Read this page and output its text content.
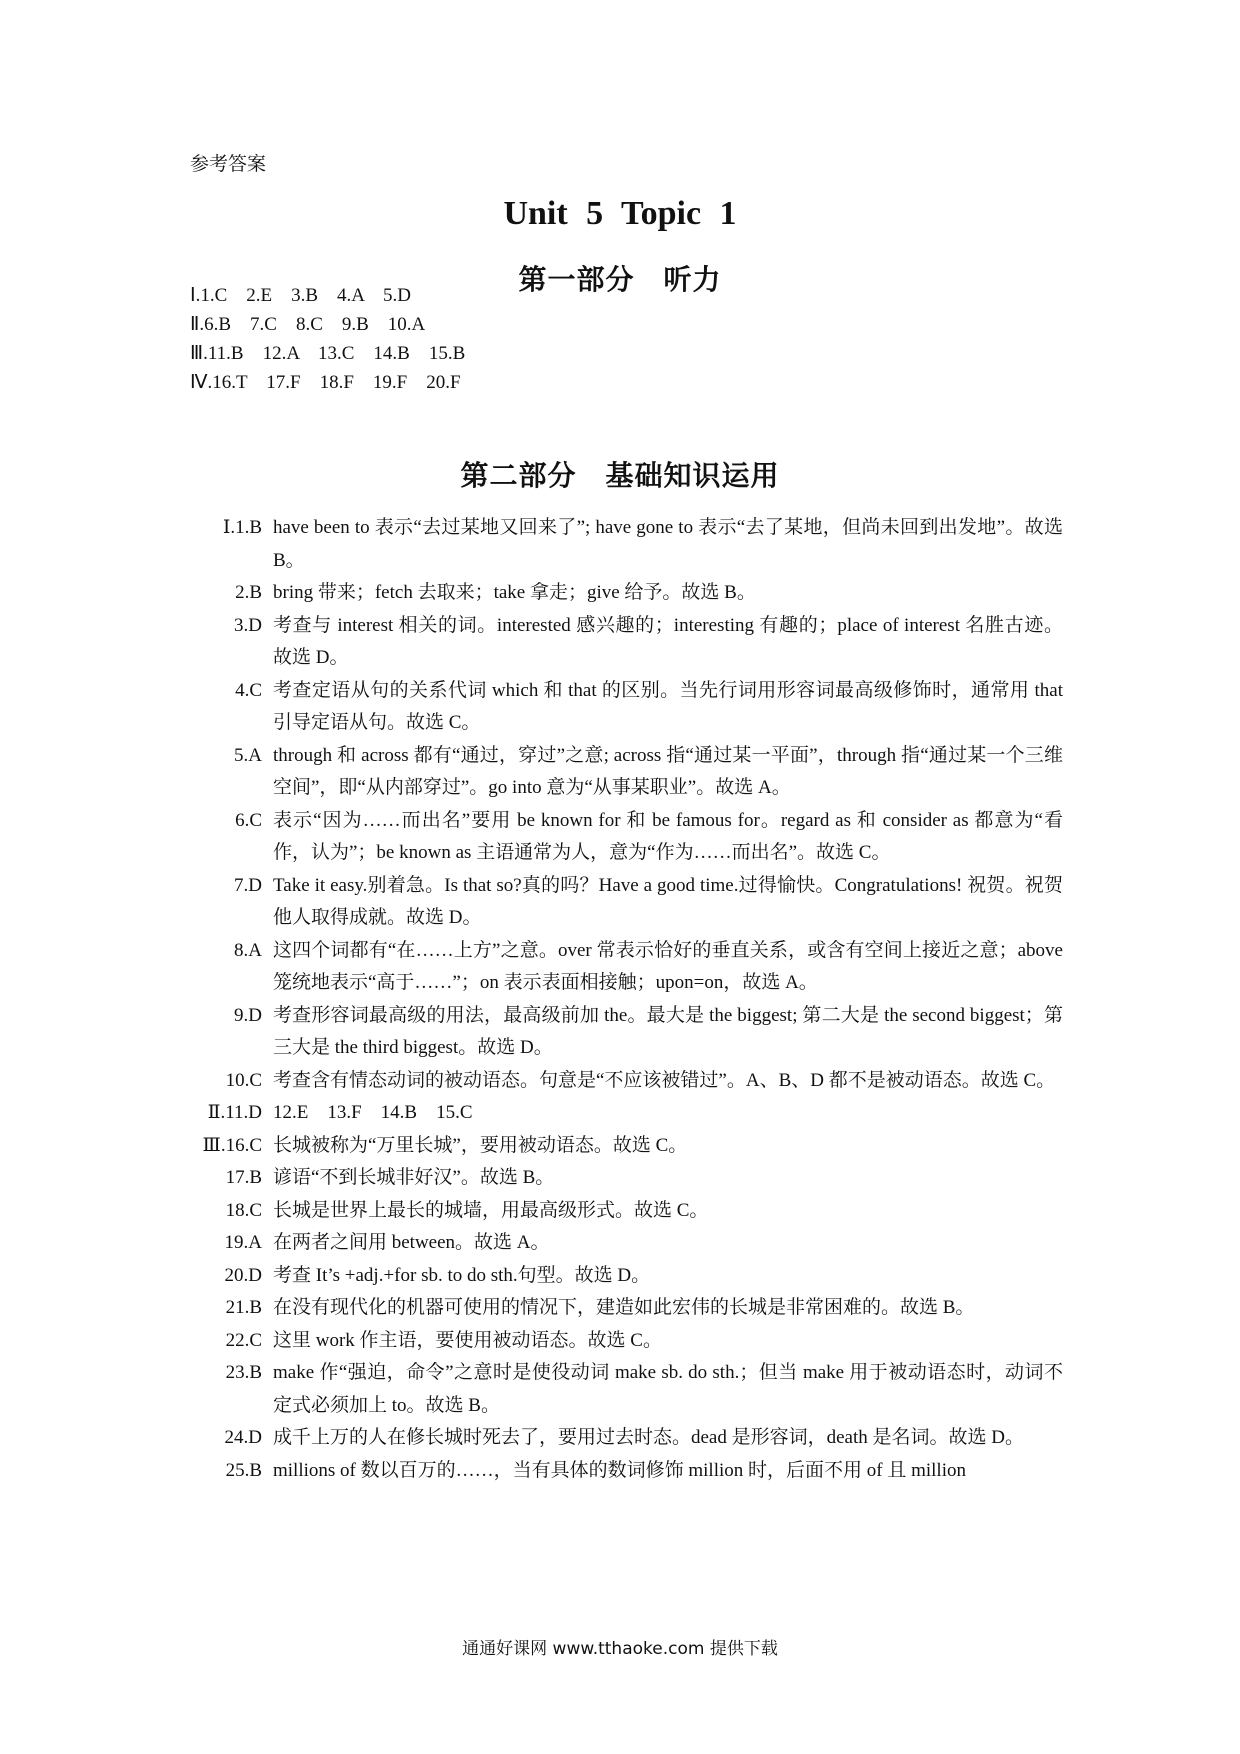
参考答案
Unit 5 Topic 1
第一部分　听力
Ⅰ.1.C　2.E　3.B　4.A　5.D
Ⅱ.6.B　7.C　8.C　9.B　10.A
Ⅲ.11.B　12.A　13.C　14.B　15.B
Ⅳ.16.T　17.F　18.F　19.F　20.F
第二部分　基础知识运用
Ⅰ.1.B have been to 表示“去过某地又回来了”; have gone to 表示“去了某地，但尚未回到出发地”。故选 B。
2.B bring 带来；fetch 去取来；take 拿走；give 给予。故选 B。
3.D 考查与 interest 相关的词。interested 感兴趣的；interesting 有趣的；place of interest 名胜古迹。故选 D。
4.C 考查定语从句的关系代词 which 和 that 的区别。当先行词用形容词最高级修饰时，通常用 that 引导定语从句。故选 C。
5.A through 和 across 都有“通过，穿过”之意; across 指“通过某一平面”，through 指“通过某一个三维空间”，即“从内部穿过”。go into 意为“从事某职业”。故选 A。
6.C 表示“因为……而出名”要用 be known for 和 be famous for。regard as 和 consider as 都意为“看作，认为”；be known as 主语通常为人，意为“作为……而出名”。故选 C。
7.D Take it easy.别着急。Is that so?真的吗？Have a good time.过得愉快。Congratulations! 祝贺。祝贺他人取得成就。故选 D。
8.A 这四个词都有“在……上方”之意。over 常表示恰好的垂直关系，或含有空间上接近之意；above 笼统地表示“高于……”；on 表示表面相接触；upon=on，故选 A。
9.D 考查形容词最高级的用法，最高级前加 the。最大是 the biggest; 第二大是 the second biggest；第三大是 the third biggest。故选 D。
10.C 考查含有情态动词的被动语态。句意是“不应该被错过”。A、B、D 都不是被动语态。故选 C。
Ⅱ.11.D 12.E　13.F　14.B　15.C
Ⅲ.16.C 长城被称为“万里长城”，要用被动语态。故选 C。
17.B 谚语“不到长城非好汉”。故选 B。
18.C 长城是世界上最长的城墙，用最高级形式。故选 C。
19.A 在两者之间用 between。故选 A。
20.D 考查 It’s +adj.+for sb. to do sth.句型。故选 D。
21.B 在没有现代化的机器可使用的情况下，建造如此宏伟的长城是非常困难的。故选 B。
22.C 这里 work 作主语，要使用被动语态。故选 C。
23.B make 作“强迫，命令”之意时是使役动词 make sb. do sth.；但当 make 用于被动语态时，动词不定式必须加上 to。故选 B。
24.D 成千上万的人在修长城时死去了，要用过去时态。dead 是形容词，death 是名词。故选 D。
25.B millions of 数以百万的……，当有具体的数词修饰 million 时，后面不用 of 且 million
通通好课网 www.tthaoke.com 提供下载
